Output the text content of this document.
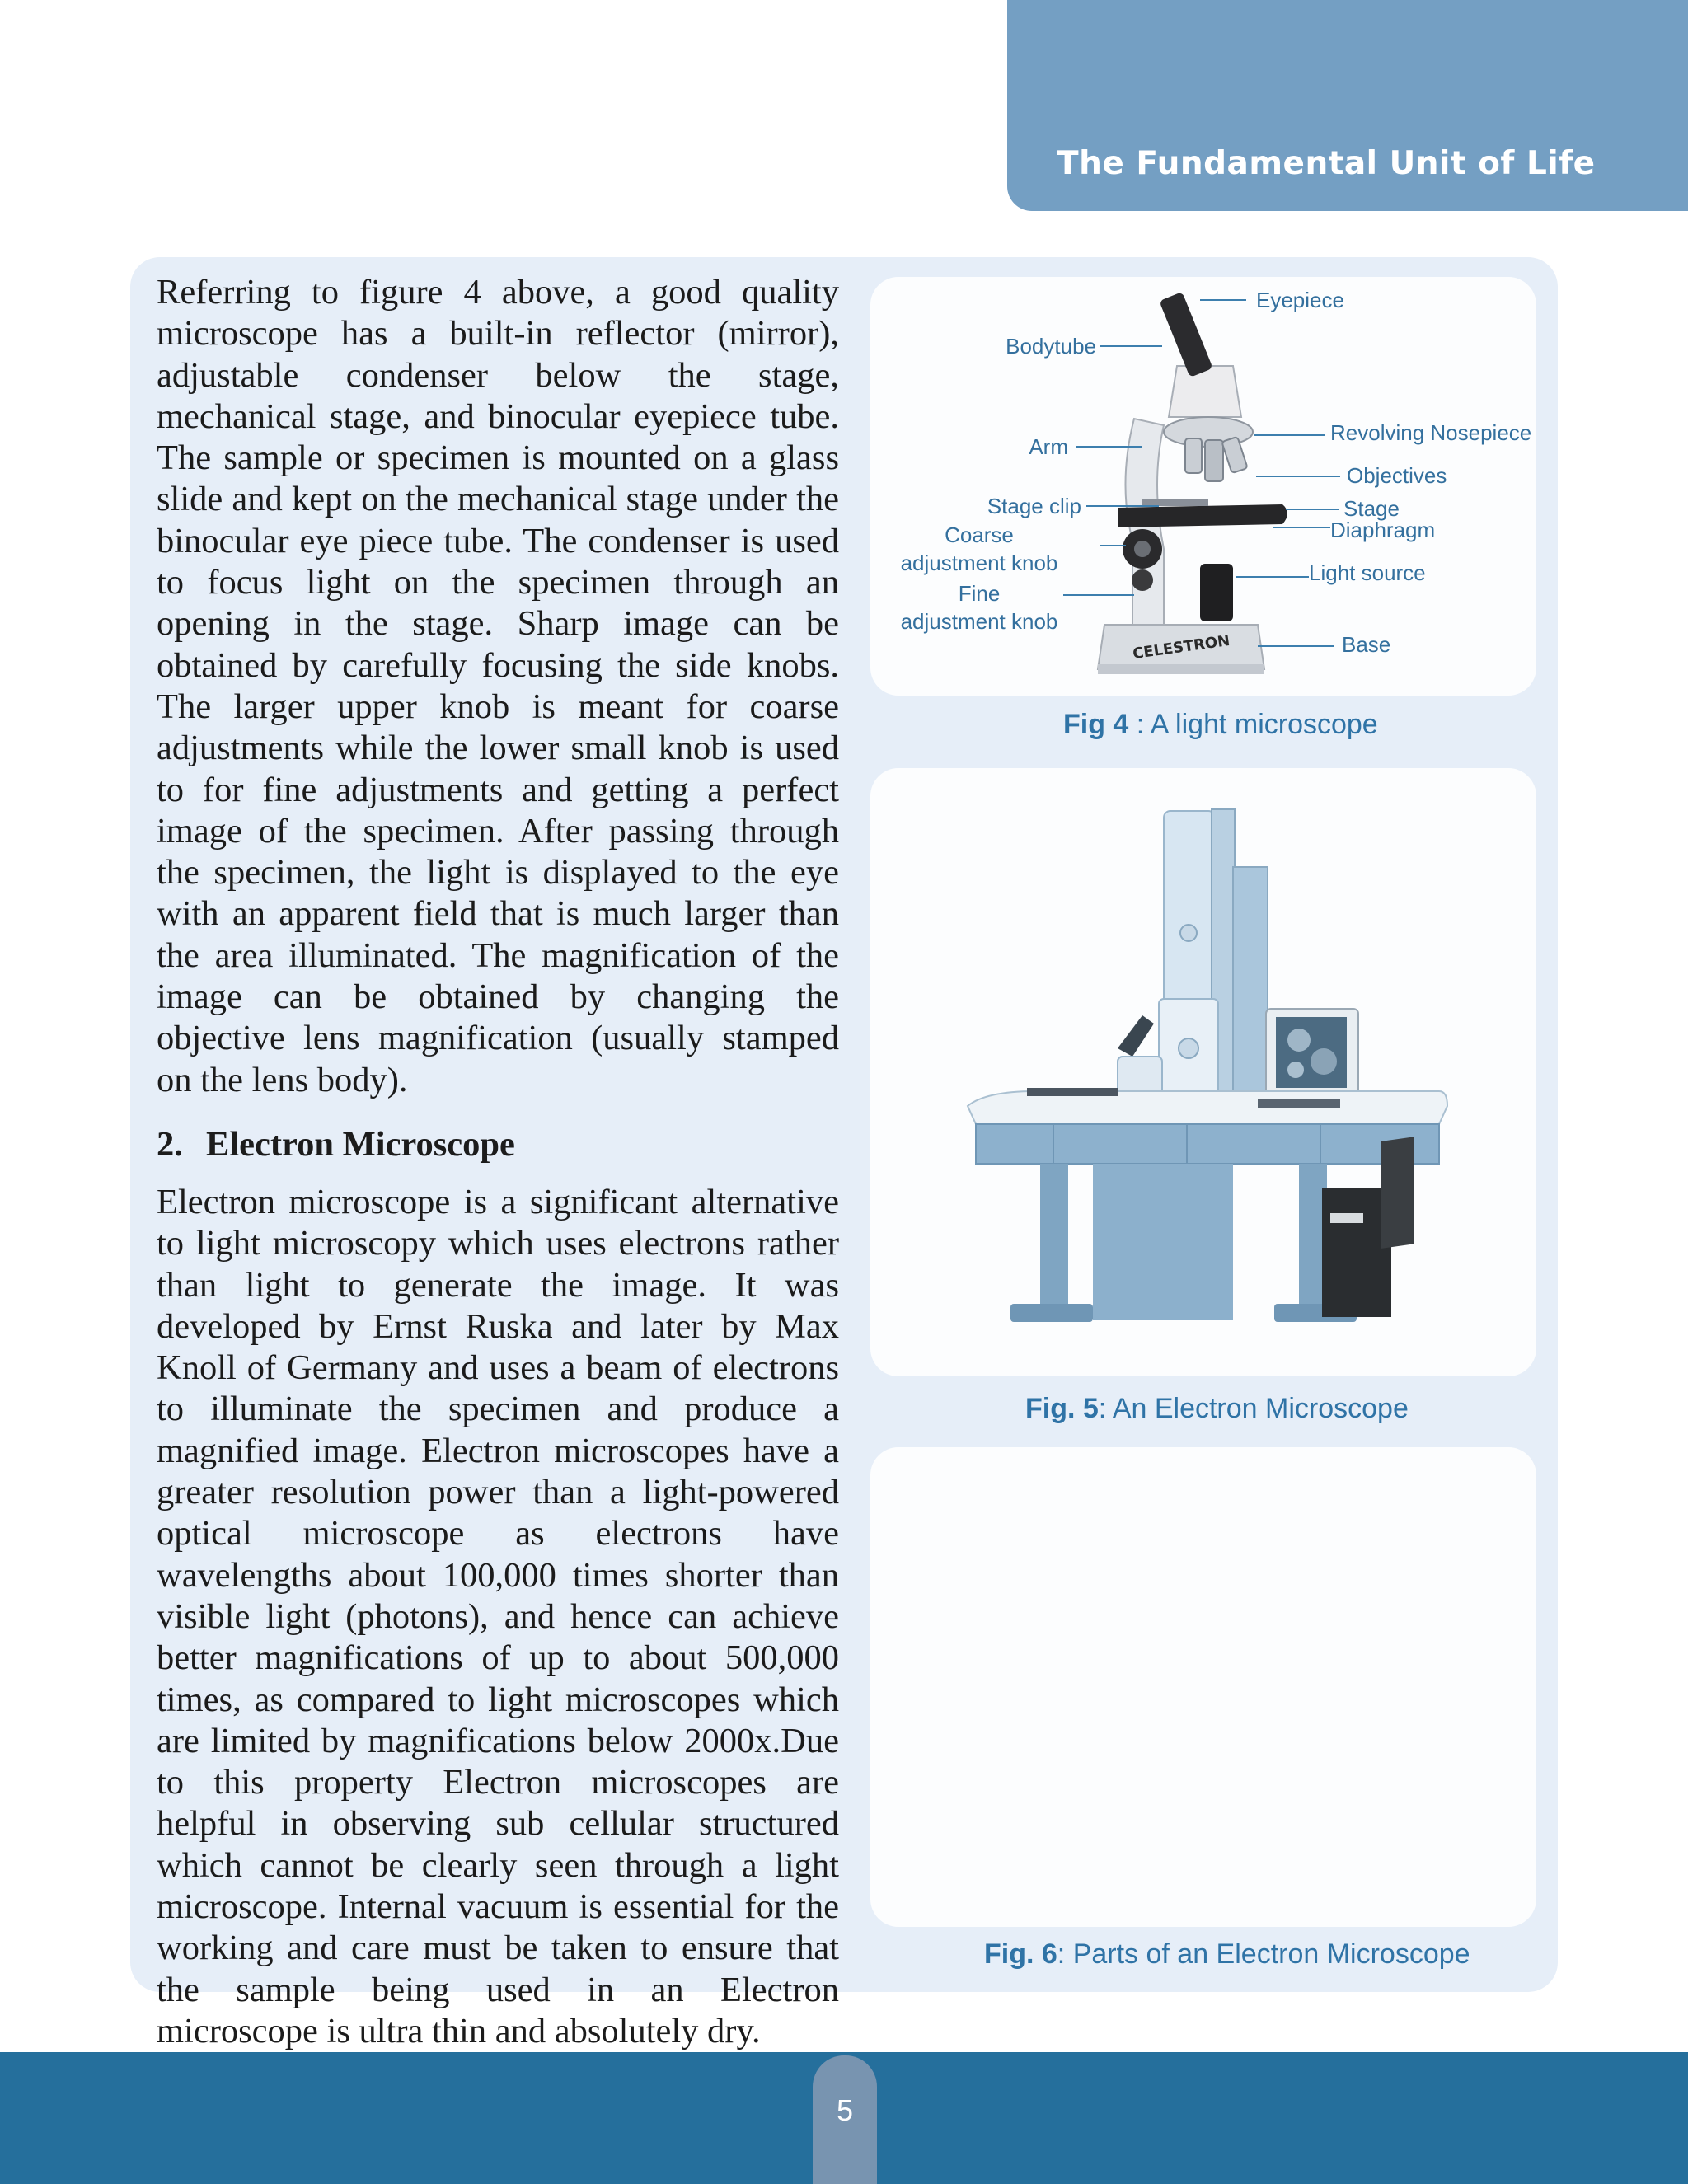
The Fundamental Unit of Life

Referring to figure 4 above, a good quality microscope has a built-in reflector (mirror), adjustable condenser below the stage, mechanical stage, and binocular eyepiece tube. The sample or specimen is mounted on a glass slide and kept on the mechanical stage under the binocular eye piece tube. The condenser is used to focus light on the specimen through an opening in the stage. Sharp image can be obtained by carefully focusing the side knobs. The larger upper knob is meant for coarse adjustments while the lower small knob is used to for fine adjustments and getting a perfect image of the specimen. After passing through the specimen, the light is displayed to the eye with an apparent field that is much larger than the area illuminated. The magnification of the image can be obtained by changing the objective lens magnification (usually stamped on the lens body).

2. Electron Microscope

Electron microscope is a significant alternative to light microscopy which uses electrons rather than light to generate the image. It was developed by Ernst Ruska and later by Max Knoll of Germany and uses a beam of electrons to illuminate the specimen and produce a magnified image. Electron microscopes have a greater resolution power than a light-powered optical microscope as electrons have wavelengths about 100,000 times shorter than visible light (photons), and hence can achieve better magnifications of up to about 500,000 times, as compared to light microscopes which are limited by magnifications below 2000x.Due to this property Electron microscopes are helpful in observing sub cellular structured which cannot be clearly seen through a light microscope. Internal vacuum is essential for the working and care must be taken to ensure that the sample being used in an Electron microscope is ultra thin and absolutely dry.

CELESTRON
Eyepiece
Bodytube
Arm
Revolving Nosepiece
Objectives
Stage clip	Stage
Coarse
adjustment knob
Diaphragm
Light source
Fine
adjustment knob
Base
Fig 4 : A light microscope
Fig. 5: An Electron Microscope
Fig. 6: Parts of an Electron Microscope
5
